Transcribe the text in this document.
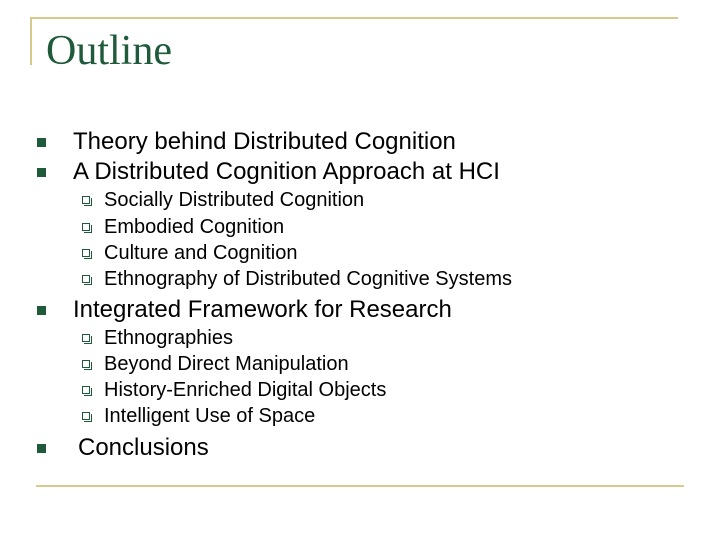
Outline
Theory behind Distributed Cognition
A Distributed Cognition Approach at HCI
Socially Distributed Cognition
Embodied Cognition
Culture and Cognition
Ethnography of Distributed Cognitive Systems
Integrated Framework for Research
Ethnographies
Beyond Direct Manipulation
History-Enriched Digital Objects
Intelligent Use of Space
Conclusions
